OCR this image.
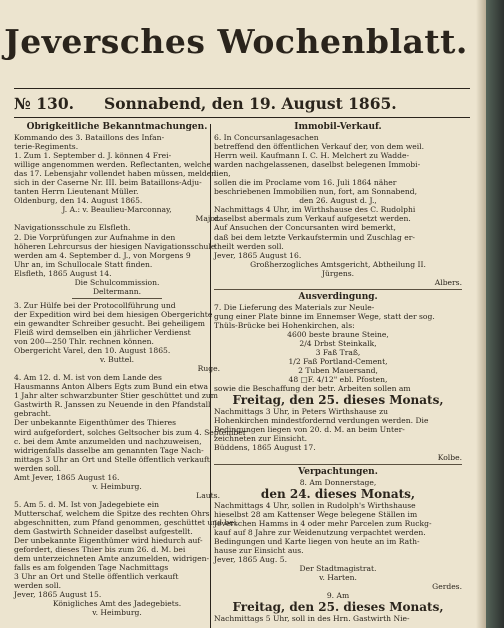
Jeversches Wochenblatt.
№ 130. Sonnabend, den 19. August 1865.

Obrigkeitliche Bekanntmachungen.

Kommando des 3. Bataillons des Infan-

terie-Regiments.

1. Zum 1. September d. J. können 4 Frei-

willige angenommen werden. Reflectanten, welche

das 17. Lebensjahr vollendet haben müssen, melden

sich in der Caserne Nr. III. beim Bataillons-Adju-

tanten Herrn Lieutenant Müller.

Oldenburg, den 14. August 1865.

J. A.: v. Beaulieu-Marconnay,

Major.

Navigationsschule zu Elsfleth.

2. Die Vorprüfungen zur Aufnahme in den

höheren Lehrcursus der hiesigen Navigationsschule

werden am 4. September d. J., von Morgens 9

Uhr an, im Schullocale Statt finden.

Elsfleth, 1865 August 14.

Die Schulcommission.

Deltermann.

3. Zur Hülfe bei der Protocollführung und

der Expedition wird bei dem hiesigen Obergerichte

ein gewandter Schreiber gesucht. Bei geheiligem

Fleiß wird demselben ein jährlicher Verdienst

von 200—250 Thlr. rechnen können.

Obergericht Varel, den 10. August 1865.

v. Buttel.

Ruge.

4. Am 12. d. M. ist von dem Lande des

Hausmanns Anton Albers Egts zum Bund ein etwa

1 Jahr alter schwarzbunter Stier geschüttet und zum

Gastwirth R. Janssen zu Neuende in den Pfandstall

gebracht.

Der unbekannte Eigenthümer des Thieres

wird aufgefordert, solches Geltsocher bis zum 4. September

c. bei dem Amte anzumelden und nachzuweisen,

widrigenfalls dasselbe am genannten Tage Nach-

mittags 3 Uhr an Ort und Stelle öffentlich verkauft

werden soll.

Amt Jever, 1865 August 16.

v. Heimburg.

Lauts.

5. Am 5. d. M. Ist von Jadegebiete ein

Mutterschaf, welchem die Spitze des rechten Ohrs

abgeschnitten, zum Pfand genommen, geschüttet und bei

dem Gastwirth Schneider daselbst aufgestellt.

Der unbekannte Eigenthümer wird hiedurch auf-

gefordert, dieses Thier bis zum 26. d. M. bei

dem unterzeichneten Amte anzumelden, widrigen-

falls es am folgenden Tage Nachmittags

3 Uhr an Ort und Stelle öffentlich verkauft

werden soll.

Jever, 1865 August 15.

Königliches Amt des Jadegebiets.

v. Heimburg.

Immobil-Verkauf.

6. In Concursanlagesachen

betreffend den öffentlichen Verkauf der, von dem weil.

Herrn weil. Kaufmann I. C. H. Melchert zu Wadde-

warden nachgelassenen, daselbst belegenen Immobi-

lien,

sollen die im Proclame vom 16. Juli 1864 näher

beschriebenen Immobilien nun, fort, am Sonnabend,

den 26. August d. J.,

Nachmittags 4 Uhr, im Wirthshause des C. Rudolphi

daselbst abermals zum Verkauf aufgesetzt werden.

Auf Ansuchen der Concursanten wird bemerkt,

daß bei dem letzte Verkaufstermin und Zuschlag er-

theilt werden soll.

Jever, 1865 August 16.

Großherzogliches Amtsgericht, Abtheilung II.

Jürgens.

Albers.

Ausverdingung.

7. Die Lieferung des Materials zur Neule-

gung einer Plate binne im Ennemser Wege, statt der sog.

Thüls-Brücke bei Hohenkirchen, als:

4600 beste braune Steine,

2/4 Drbst Steinkalk,

3 Faß Traß,

1/2 Faß Portland-Cement,

2 Tuben Mauersand,

48 □F. 4/12" ebl. Pfosten,

sowie die Beschaffung der betr. Arbeiten sollen am

Freitag, den 25. dieses Monats,

Nachmittags 3 Uhr, in Peters Wirthshause zu

Hohenkirchen mindestfordernd verdungen werden. Die

Bedingungen liegen von 20. d. M. an beim Unter-

zeichneten zur Einsicht.

Büddens, 1865 August 17.

Kolbe.

Verpachtungen.

8. Am Donnerstage,

den 24. dieses Monats,

Nachmittags 4 Uhr, sollen in Rudolph's Wirthshause

hieselbst 28 am Kattenser Wege belegene Ställen im

Jeverschen Hamms in 4 oder mehr Parcelen zum Ruckg-

kauf auf 8 Jahre zur Weidenutzung verpachtet werden.

Bedingungen und Karte liegen von heute an im Rath-

hause zur Einsicht aus.

Jever, 1865 Aug. 5.

Der Stadtmagistrat.

v. Harten.

Gerdes.

9. Am

Freitag, den 25. dieses Monats,

Nachmittags 5 Uhr, soll in des Hrn. Gastwirth Nie-
